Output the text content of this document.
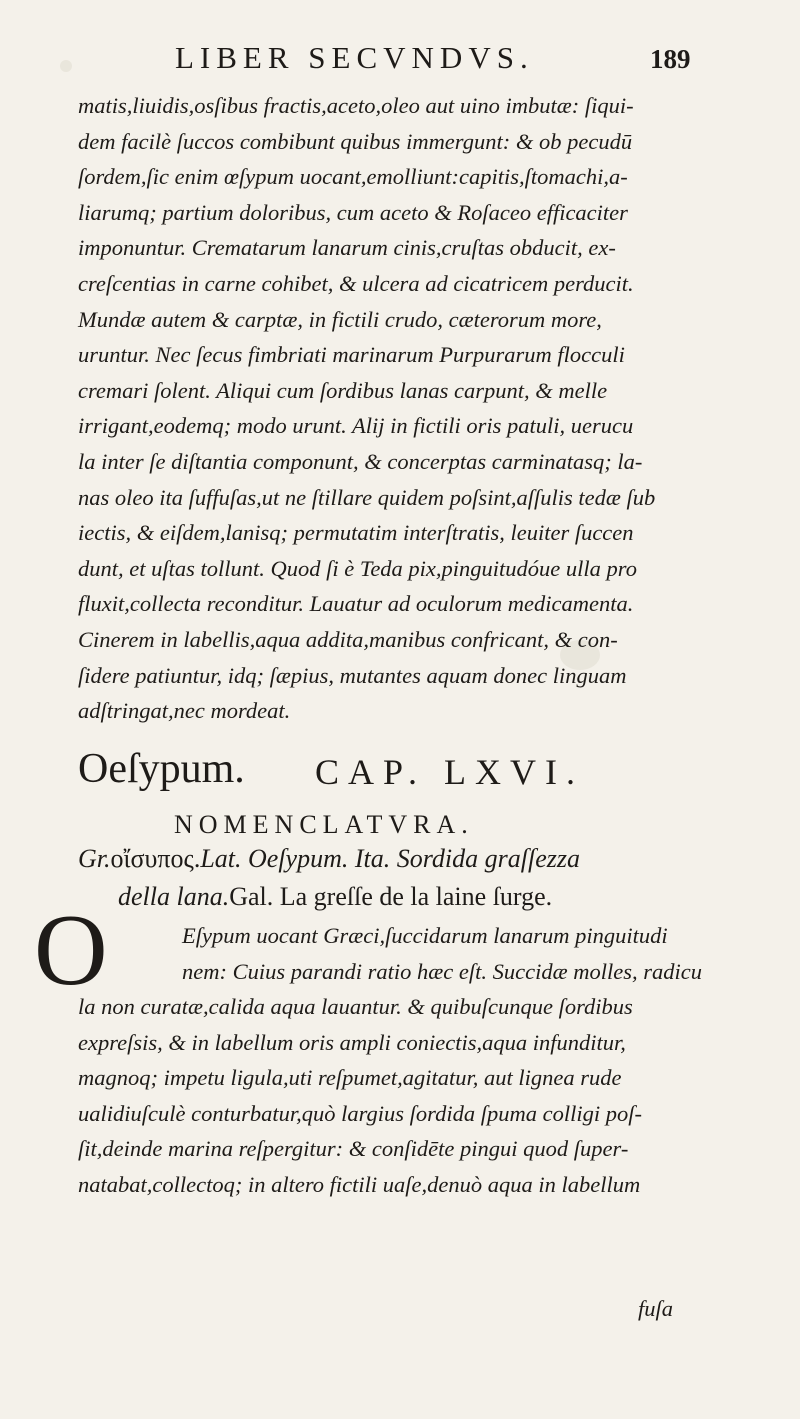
LIBER SECVNDVS.	189
matis,liuidis,osſibus fractis,aceto,oleo aut uino imbutæ: ſiqui-
dem facilè ſuccos combibunt quibus immergunt: & ob pecudū
ſordem,ſic enim œſypum uocant,emolliunt:capitis,ſtomachi,a-
liarumq; partium doloribus, cum aceto & Roſaceo efficaciter
imponuntur. Crematarum lanarum cinis,cruſtas obducit, ex-
creſcentias in carne cohibet, & ulcera ad cicatricem perducit.
Mundæ autem & carptæ, in fictili crudo, cæterorum more,
uruntur. Nec ſecus fimbriati marinarum Purpurarum flocculi
cremari ſolent. Aliqui cum ſordibus lanas carpunt, & melle
irrigant,eodemq; modo urunt. Alij in fictili oris patuli, uerucu
la inter ſe diſtantia componunt, & concerptas carminatasq; la-
nas oleo ita ſuffuſas,ut ne ſtillare quidem poſsint,aſſulis tedæ ſub
iectis, & eiſdem,lanisq; permutatim interſtratis, leuiter ſuccen
dunt, et uſtas tollunt. Quod ſi è Teda pix,pinguitudóue ulla pro
fluxit,collecta reconditur. Lauatur ad oculorum medicamenta.
Cinerem in labellis,aqua addita,manibus confricant, & con-
ſidere patiuntur, idq; ſæpius, mutantes aquam donec linguam
adſtringat,nec mordeat.
Oeſypum. CAP. LXVI.
NOMENCLATVRA.
Gr.οἴσυπος.Lat. Oeſypum. Ita. Sordida graſſezza
della lana.Gal. La greſſe de la laine ſurge.
O	Eſypum uocant Græci,ſuccidarum lanarum pinguitudi
nem: Cuius parandi ratio hæc eſt. Succidæ molles, radicu
la non curatæ,calida aqua lauantur. & quibuſcunque ſordibus
expreſsis, & in labellum oris ampli coniectis,aqua infunditur,
magnoq; impetu ligula,uti reſpumet,agitatur, aut lignea rude
ualidiuſculè conturbatur,quò largius ſordida ſpuma colligi poſ-
ſit,deinde marina reſpergitur: & conſidēte pingui quod ſuper-
natabat,collectoq; in altero fictili uaſe,denuò aqua in labellum
fuſa
